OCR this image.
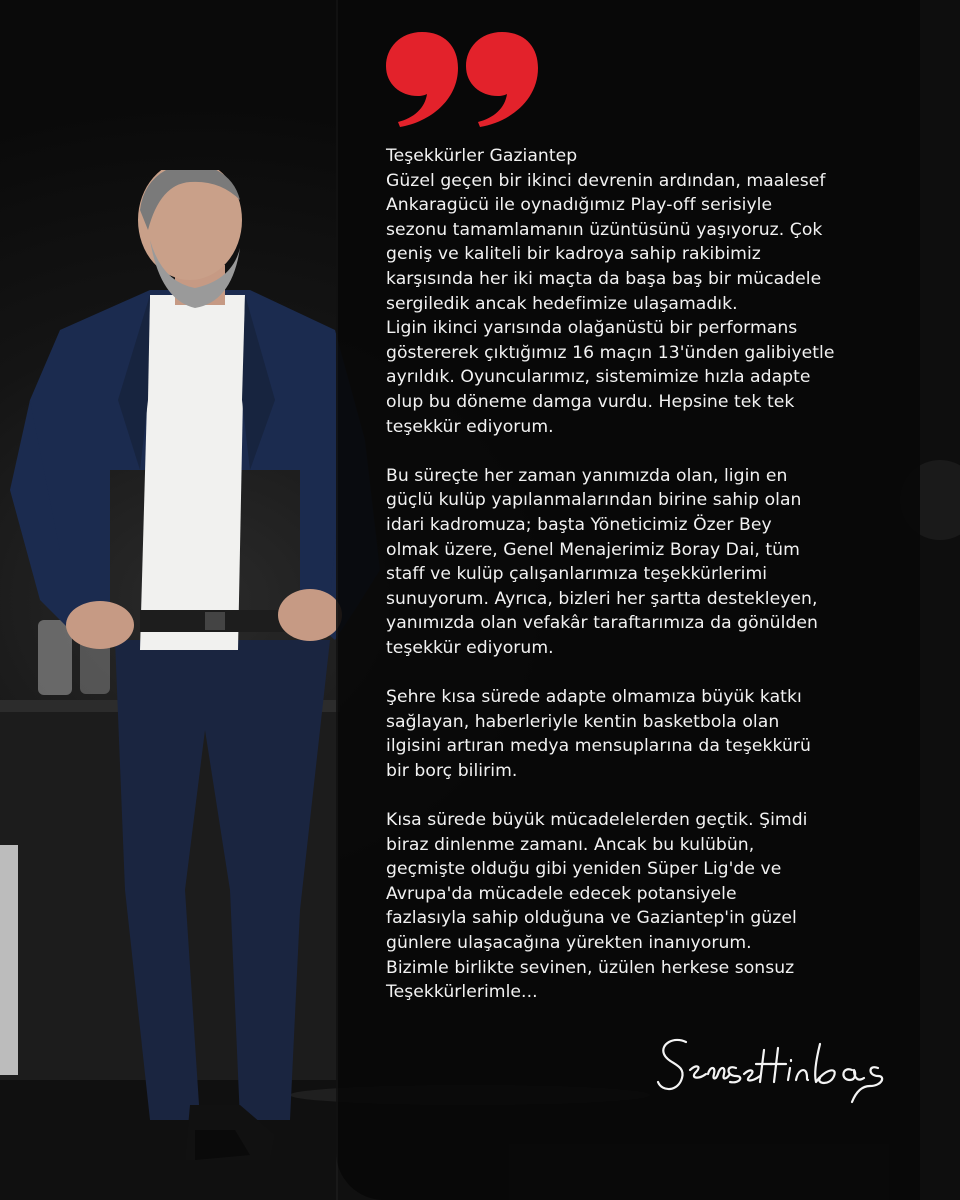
Teşekkürler Gaziantep
Güzel geçen bir ikinci devrenin ardından, maalesef
Ankaragücü ile oynadığımız Play-off serisiyle
sezonu tamamlamanın üzüntüsünü yaşıyoruz. Çok
geniş ve kaliteli bir kadroya sahip rakibimiz
karşısında her iki maçta da başa baş bir mücadele
sergiledik ancak hedefimize ulaşamadık.
Ligin ikinci yarısında olağanüstü bir performans
göstererek çıktığımız 16 maçın 13'ünden galibiyetle
ayrıldık. Oyuncularımız, sistemimize hızla adapte
olup bu döneme damga vurdu. Hepsine tek tek
teşekkür ediyorum.

Bu süreçte her zaman yanımızda olan, ligin en
güçlü kulüp yapılanmalarından birine sahip olan
idari kadromuza; başta Yöneticimiz Özer Bey
olmak üzere, Genel Menajerimiz Boray Dai, tüm
staff ve kulüp çalışanlarımıza teşekkürlerimi
sunuyorum. Ayrıca, bizleri her şartta destekleyen,
yanımızda olan vefakâr taraftarımıza da gönülden
teşekkür ediyorum.

Şehre kısa sürede adapte olmamıza büyük katkı
sağlayan, haberleriyle kentin basketbola olan
ilgisini artıran medya mensuplarına da teşekkürü
bir borç bilirim.

Kısa sürede büyük mücadelelerden geçtik. Şimdi
biraz dinlenme zamanı. Ancak bu kulübün,
geçmişte olduğu gibi yeniden Süper Lig'de ve
Avrupa'da mücadele edecek potansiyele
fazlasıyla sahip olduğuna ve Gaziantep'in güzel
günlere ulaşacağına yürekten inanıyorum.
Bizimle birlikte sevinen, üzülen herkese sonsuz
Teşekkürlerimle...
